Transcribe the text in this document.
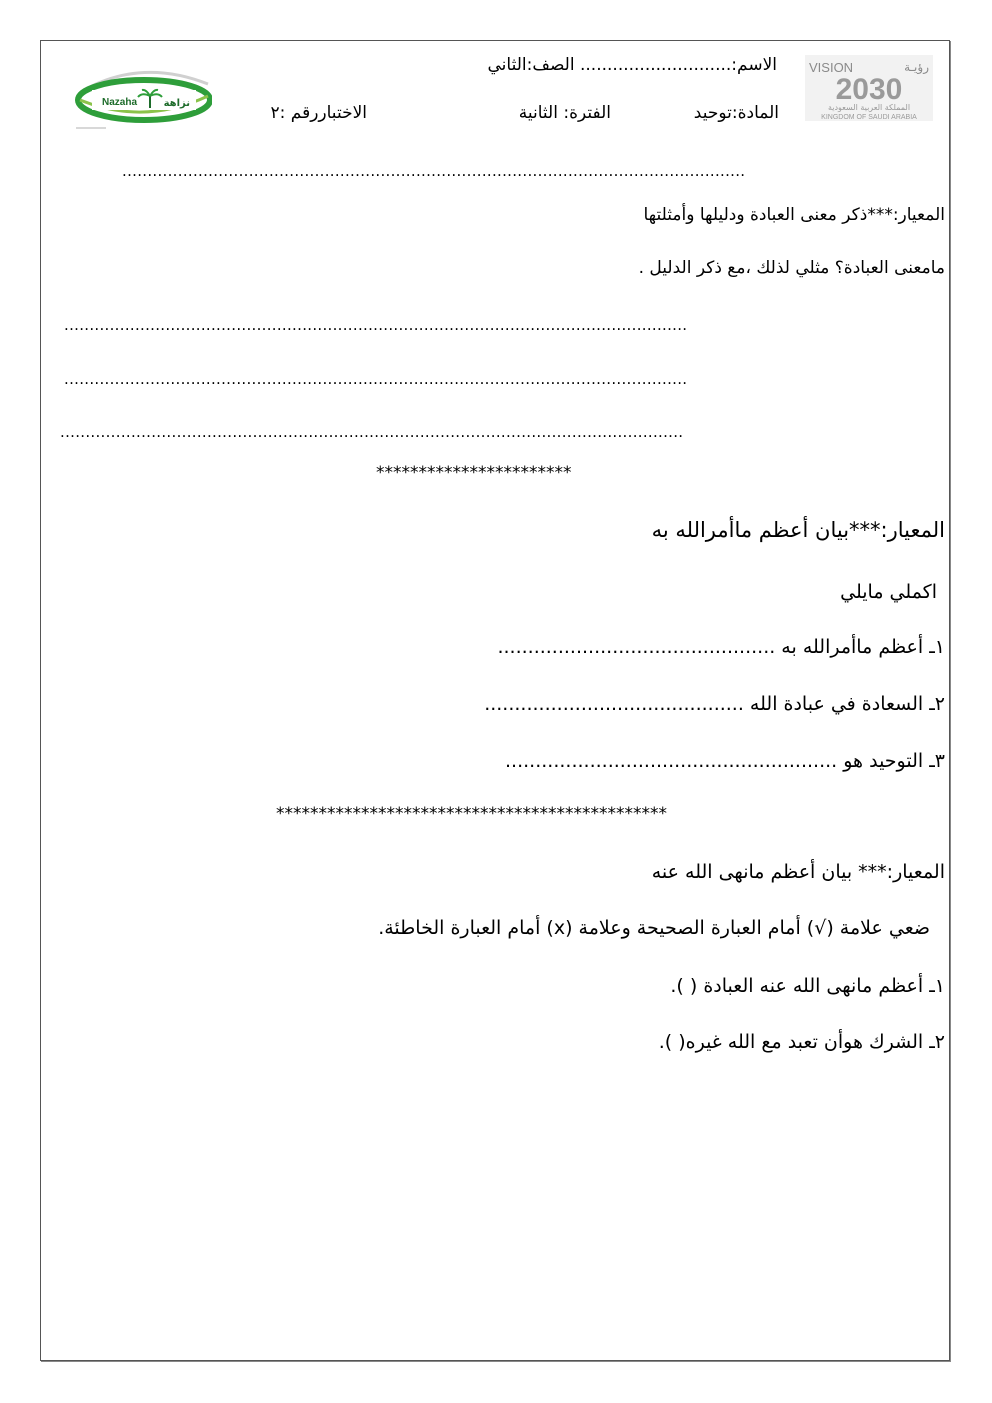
VISION	رؤيـة
2030
المملكة العربية السعودية
KINGDOM OF SAUDI ARABIA
Nazaha	نزاهة
الاسم:............................ الصف:الثاني
المادة:توحيد
الفترة: الثانية
الاختباررقم :٢
...........................................................................................................................
المعيار:***ذكر معنى العبادة ودليلها وأمثلتها
مامعنى العبادة؟ مثلي لذلك ،مع ذكر الدليل .
...........................................................................................................................
...........................................................................................................................
...........................................................................................................................
***********************
المعيار:***بيان أعظم ماأمرالله به
اكملي مايلي
١ـ أعظم ماأمرالله به ..............................................
٢ـ السعادة في عبادة الله ...........................................
٣ـ التوحيد هو .......................................................
**********************************************
المعيار:*** بيان أعظم مانهى الله عنه
ضعي علامة (√) أمام العبارة الصحيحة وعلامة (x) أمام العبارة الخاطئة.
١ـ أعظم مانهى الله عنه العبادة ( ).
٢ـ الشرك هوأن تعبد مع الله غيره( ).
